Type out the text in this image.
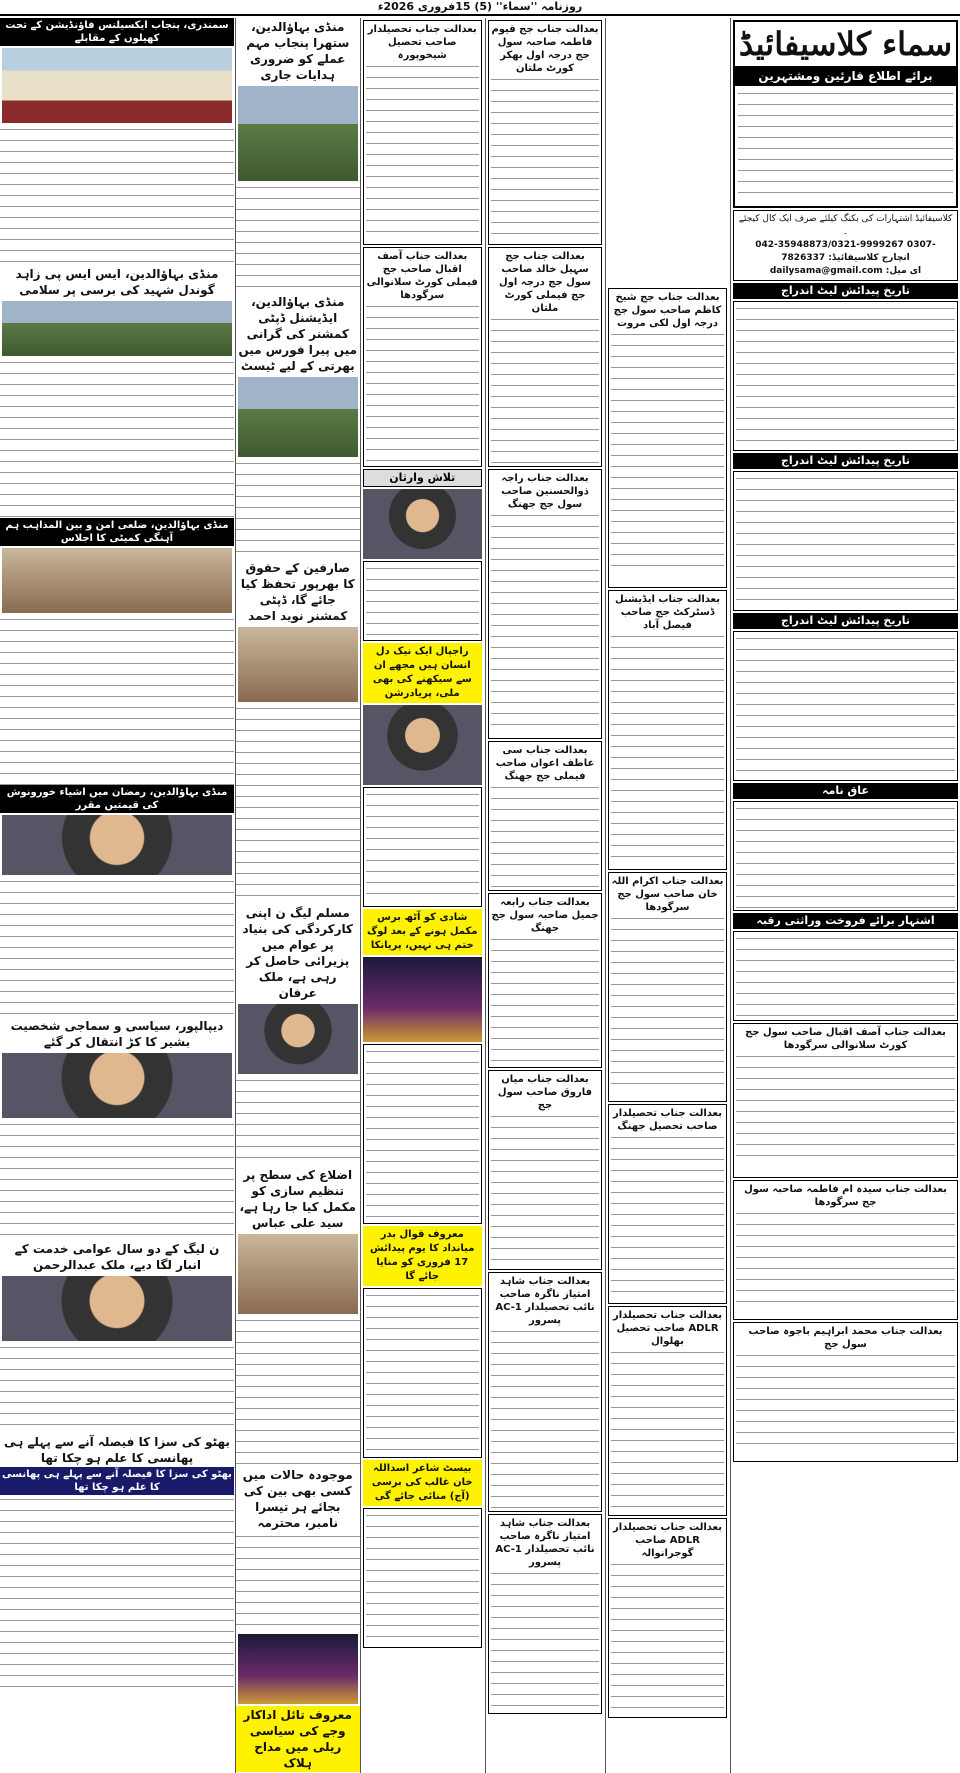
روزنامہ ''سماء'' (5) 15فروری 2026ء
سماء کلاسیفائیڈ
برائے اطلاع قارئین ومشتہرین
کلاسیفائیڈ اشتہارات کی بکنگ کیلئے صرف ایک کال کیجئے ۔
042-35948873/0321-9999267 0307-7826337 :انچارج کلاسیفائیڈ
dailysama@gmail.com :ای میل
تاریخ پیدائش لیٹ اندراج
تاریخ پیدائش لیٹ اندراج
تاریخ پیدائش لیٹ اندراج
عاق نامہ
اشتہار برائے فروخت وراثتی رقبہ
بعدالت جناب آصف اقبال صاحب سول جج کورٹ سلانوالی سرگودھا
بعدالت جناب سیدہ ام فاطمہ صاحبہ سول جج سرگودھا
بعدالت جناب محمد ابراہیم باجوہ صاحب سول جج
بعدالت جناب جج شیخ کاظم صاحب سول جج درجہ اول لکی مروت
بعدالت جناب ایڈیشنل ڈسٹرکٹ جج صاحب فیصل آباد
بعدالت جناب اکرام اللہ خان صاحب سول جج سرگودھا
بعدالت جناب تحصیلدار صاحب تحصیل جھنگ
بعدالت جناب تحصیلدار ADLR صاحب تحصیل بھلوال
بعدالت جناب تحصیلدار ADLR صاحب گوجرانوالہ
بعدالت جناب جج قیوم فاطمہ صاحبہ سول جج درجہ اول بھکر کورٹ ملتان
بعدالت جناب جج سہیل خالد صاحب سول جج درجہ اول جج فیملی کورٹ ملتان
بعدالت جناب راجہ ذوالحسنین صاحب سول جج جھنگ
بعدالت جناب سی عاطف اعوان صاحب فیملی جج جھنگ
بعدالت جناب رابعہ جمیل صاحبہ سول جج جھنگ
بعدالت جناب میاں فاروق صاحب سول جج
بعدالت جناب شاہد امتیاز ناگرہ صاحب نائب تحصیلدار AC-1 پسرور
بعدالت جناب شاہد امتیاز ناگرہ صاحب نائب تحصیلدار AC-1 پسرور
بعدالت جناب تحصیلدار صاحب تحصیل شیخوپورہ
بعدالت جناب آصف اقبال صاحب جج فیملی کورٹ سلانوالی سرگودھا
تلاش وارثان
راجپال ایک نیک دل انسان ہیں مجھے ان سے سیکھنے کی بھی ملی، پریادرشن
شادی کو آٹھ برس مکمل ہونے کے بعد لوگ ختم ہی نہیں، پریانکا
معروف قوال بدر میانداد کا یوم پیدائش 17 فروری کو منایا جائے گا
بیسٹ شاعر اسداللہ خان غالب کی برسی (آج) منائی جائے گی
منڈی بہاؤالدین، ستھرا پنجاب مہم عملے کو ضروری ہدایات جاری
منڈی بہاؤالدین، ایڈیشنل ڈپٹی کمشنر کی گرانی میں پیرا فورس میں بھرتی کے لیے ٹیسٹ
صارفین کے حقوق کا بھرپور تحفظ کیا جائے گا، ڈپٹی کمشنر نوید احمد
مسلم لیگ ن اپنی کارکردگی کی بنیاد پر عوام میں پزیرائی حاصل کر رہی ہے، ملک عرفان
اضلاع کی سطح پر تنظیم سازی کو مکمل کیا جا رہا ہے، سید علی عباس
موجودہ حالات میں کسی بھی بین کی بجائے ہر تیسرا نامبر، محترمہ
معروف تائل اداکار وجے کی سیاسی ریلی میں مداح ہلاک
سمندری، پنجاب ایکسیلنس فاؤنڈیشن کے تحت کھیلوں کے مقابلے
منڈی بہاؤالدین، ایس ایس پی زاہد گوندل شہید کی برسی پر سلامی
منڈی بہاؤالدین، ضلعی امن و بین المذاہب ہم آہنگی کمیٹی کا اجلاس
منڈی بہاؤالدین، رمضان میں اشیاء خورونوش کی قیمتیں مقرر
دیپالپور، سیاسی و سماجی شخصیت بشیر کا کڑ انتقال کر گئے
ن لیگ کے دو سال عوامی خدمت کے انبار لگا دیے، ملک عبدالرحمن
بھٹو کی سزا کا فیصلہ آنے سے پہلے ہی پھانسی کا علم ہو چکا تھا
بھٹو کی سزا کا فیصلہ آنے سے پہلے ہی پھانسی کا علم ہو چکا تھا
